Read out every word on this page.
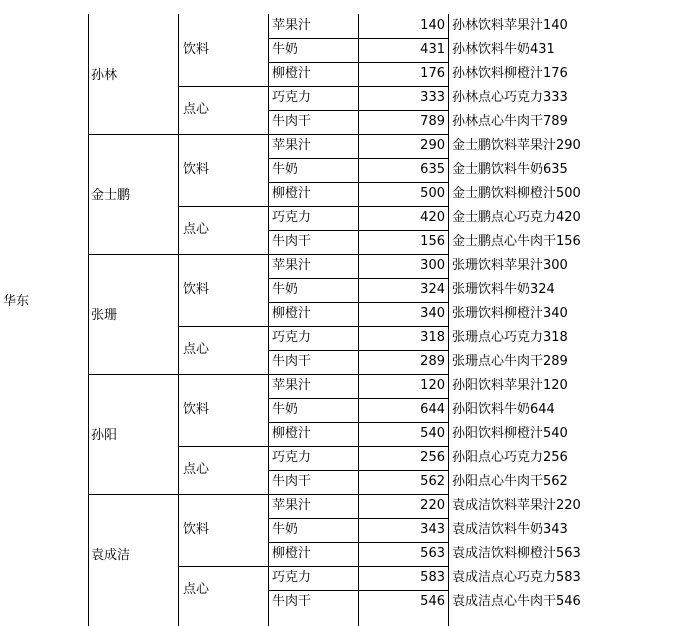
华东
孙林
饮料
苹果汁	140 孙林饮料苹果汁140
牛奶	431 孙林饮料牛奶431
柳橙汁	176 孙林饮料柳橙汁176
点心
巧克力	333 孙林点心巧克力333
牛肉干	789 孙林点心牛肉干789
金士鹏
饮料
苹果汁	290 金士鹏饮料苹果汁290
牛奶	635 金士鹏饮料牛奶635
柳橙汁	500 金士鹏饮料柳橙汁500
点心
巧克力	420 金士鹏点心巧克力420
牛肉干	156 金士鹏点心牛肉干156
张珊
饮料
苹果汁	300 张珊饮料苹果汁300
牛奶	324 张珊饮料牛奶324
柳橙汁	340 张珊饮料柳橙汁340
点心
巧克力	318 张珊点心巧克力318
牛肉干	289 张珊点心牛肉干289
孙阳
饮料
苹果汁	120 孙阳饮料苹果汁120
牛奶	644 孙阳饮料牛奶644
柳橙汁	540 孙阳饮料柳橙汁540
点心
巧克力	256 孙阳点心巧克力256
牛肉干	562 孙阳点心牛肉干562
袁成洁
饮料
苹果汁	220 袁成洁饮料苹果汁220
牛奶	343 袁成洁饮料牛奶343
柳橙汁	563 袁成洁饮料柳橙汁563
点心
巧克力	583 袁成洁点心巧克力583
牛肉干	546 袁成洁点心牛肉干546
